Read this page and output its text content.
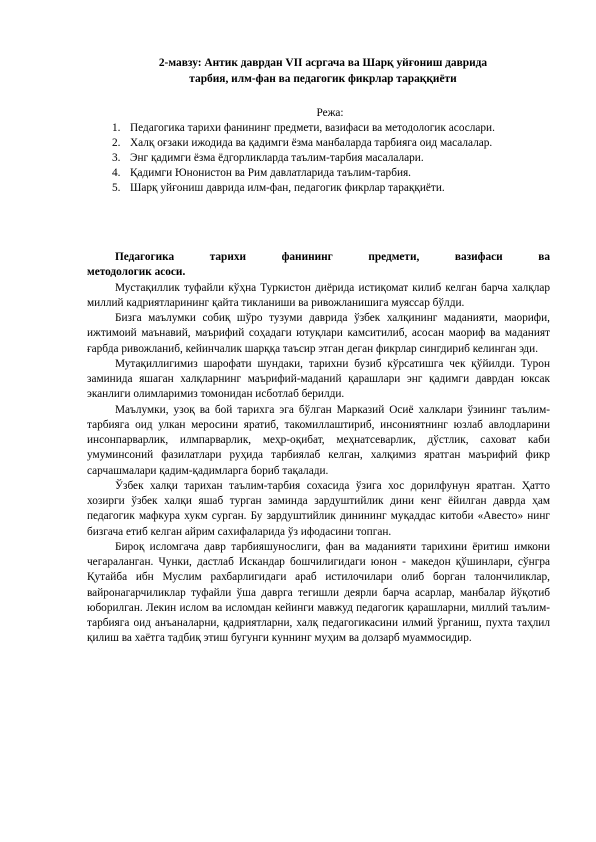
2-мавзу: Антик даврдан VII асргача ва Шарқ уйғониш даврида
тарбия, илм-фан ва педагогик фикрлар тараққиёти
Режа:
1. Педагогика тарихи фанининг предмети, вазифаси ва методологик асослари.
2. Халқ оғзаки ижодида ва қадимги ёзма манбаларда тарбияга оид масалалар.
3. Энг қадимги ёзма ёдгорликларда таълим-тарбия масалалари.
4. Қадимги Юнонистон ва Рим давлатларида таълим-тарбия.
5. Шарқ уйғониш даврида илм-фан, педагогик фикрлар тараққиёти.

Педагогика тарихи фанининг предмети, вазифаси ва

методологик асоси.

Мустақиллик туфайли кўҳна Туркистон диёрида истиқомат килиб келган барча халқлар миллий кадриятларининг қайта тикланиши ва ривожланишига муяссар бўлди.

Бизга маълумки собиқ шўро тузуми даврида ўзбек халқининг маданияти, маорифи, ижтимоий маънавий, маърифий соҳадаги ютуқлари камситилиб, асосан маориф ва маданият ғарбда ривожланиб, кейинчалик шарққа таъсир этган деган фикрлар сингдириб келинган эди.

Мутақиллигимиз шарофати шундаки, тарихни бузиб кўрсатишга чек қўйилди. Турон заминида яшаган халқларнинг маърифий-маданий қарашлари энг қадимги даврдан юксак эканлиги олимларимиз томонидан исботлаб берилди.

Маълумки, узоқ ва бой тарихга эга бўлган Марказий Осиё халклари ўзининг таълим-тарбияга оид улкан меросини яратиб, такомиллаштириб, инсониятнинг юзлаб авлодларини инсонпарварлик, илмпарварлик, меҳр-оқибат, меҳнатсеварлик, дўстлик, саховат каби умуминсоний фазилатлари руҳида тарбиялаб келган, халқимиз яратган маърифий фикр сарчашмалари қадим-қадимларга бориб тақалади.

Ўзбек халқи тарихан таълим-тарбия сохасида ўзига хос дорилфунун яратган. Ҳатто хозирги ўзбек халқи яшаб турган заминда зардуштийлик дини кенг ёйилган даврда ҳам педагогик мафкура хукм сурган. Бу зардуштийлик динининг муқаддас китоби «Авесто» нинг бизгача етиб келган айрим сахифаларида ўз ифодасини топган.

Бироқ исломгача давр тарбияшунослиги, фан ва маданияти тарихини ёритиш имкони чегараланган. Чунки, дастлаб Искандар бошчилигидаги юнон - македон қўшинлари, сўнгра Қутайба ибн Муслим рахбарлигидаги араб истилочилари олиб борган талончиликлар, вайронагарчиликлар туфайли ўша даврга тегишли деярли барча асарлар, манбалар йўқотиб юборилган. Лекин ислом ва исломдан кейинги мавжуд педагогик қарашларни, миллий таълим-тарбияга оид анъаналарни, қадриятларни, халқ педагогикасини илмий ўрганиш, пухта таҳлил қилиш ва хаётга тадбиқ этиш бугунги куннинг муҳим ва долзарб муаммосидир.
